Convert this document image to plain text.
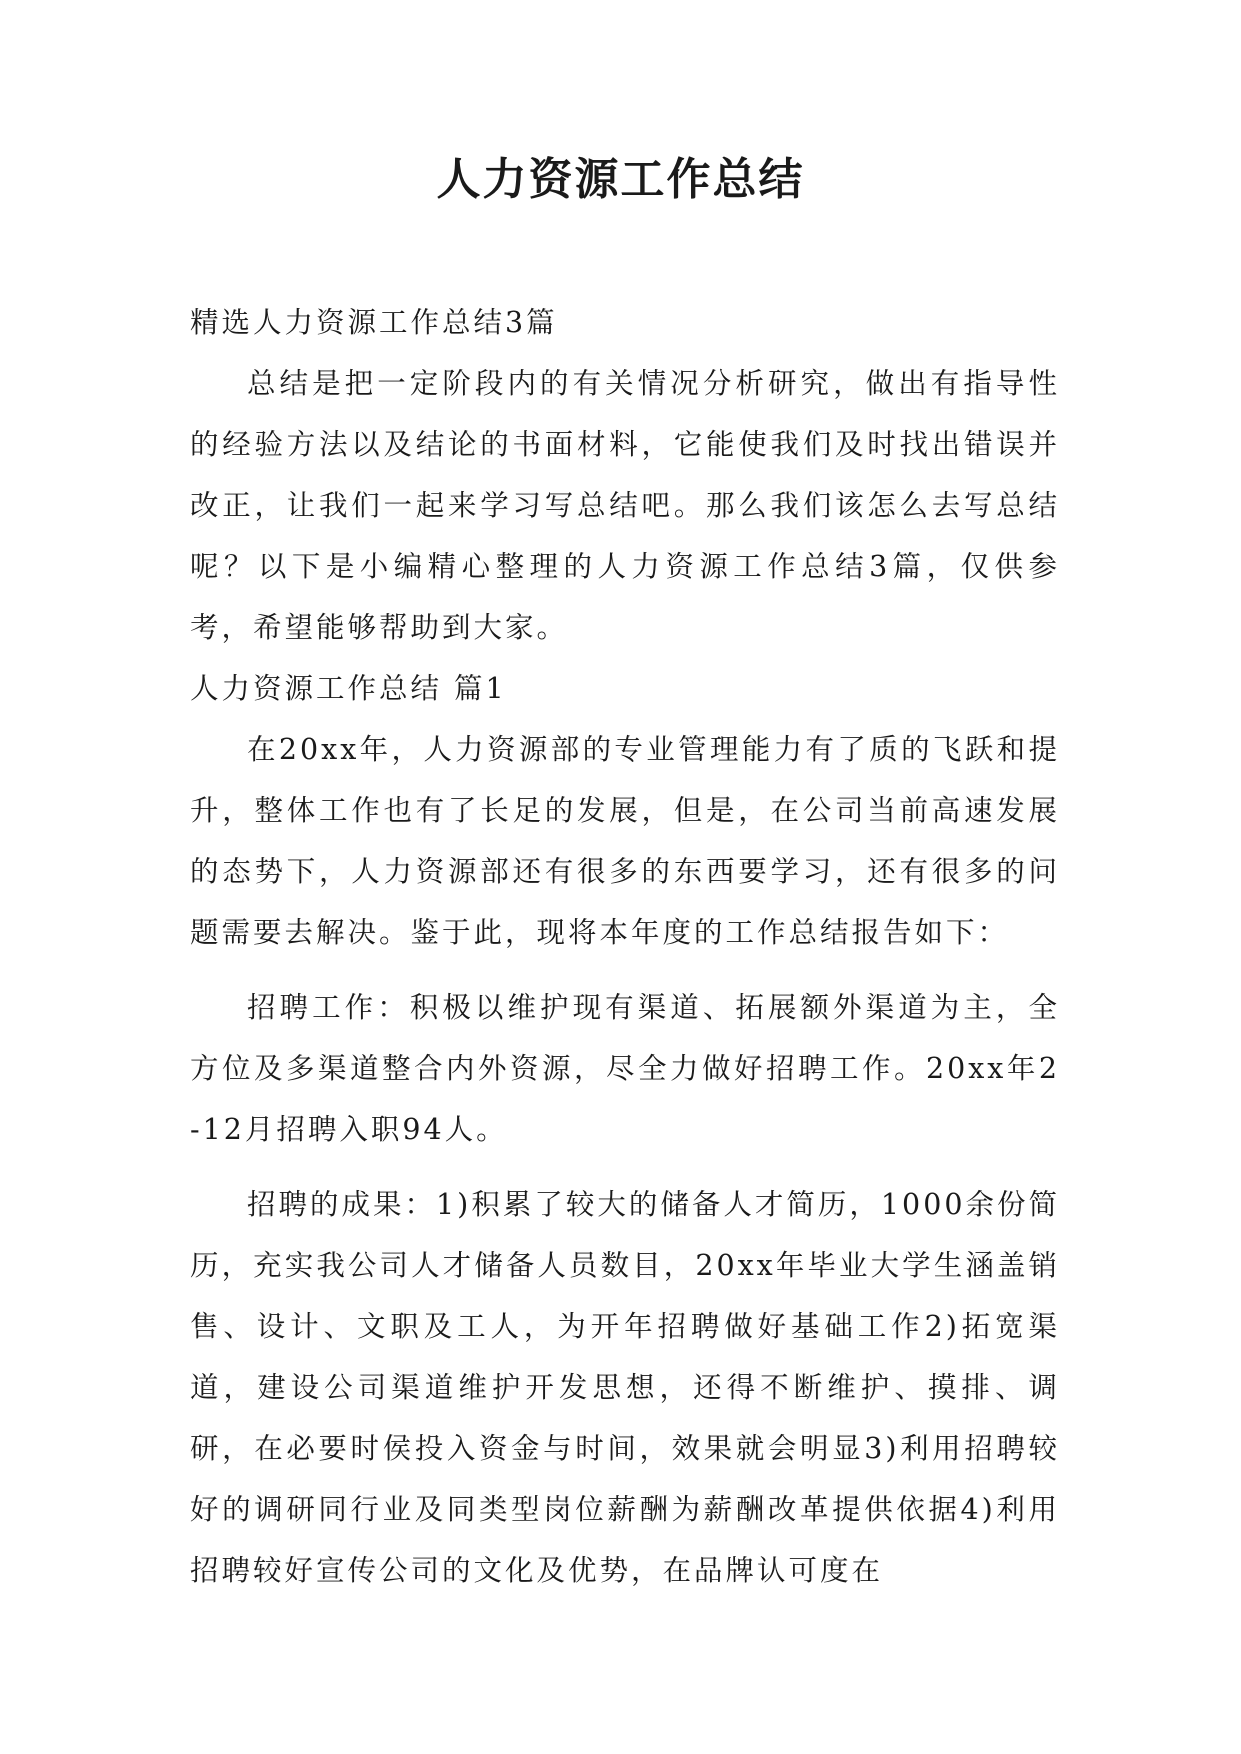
人力资源工作总结

精选人力资源工作总结3篇

总结是把一定阶段内的有关情况分析研究，做出有指导性的经验方法以及结论的书面材料，它能使我们及时找出错误并改正，让我们一起来学习写总结吧。那么我们该怎么去写总结呢？以下是小编精心整理的人力资源工作总结3篇，仅供参考，希望能够帮助到大家。

人力资源工作总结 篇1

在20xx年，人力资源部的专业管理能力有了质的飞跃和提升，整体工作也有了长足的发展，但是，在公司当前高速发展的态势下，人力资源部还有很多的东西要学习，还有很多的问题需要去解决。鉴于此，现将本年度的工作总结报告如下：

招聘工作：积极以维护现有渠道、拓展额外渠道为主，全方位及多渠道整合内外资源，尽全力做好招聘工作。20xx年2-12月招聘入职94人。

招聘的成果：1)积累了较大的储备人才简历，1000余份简历，充实我公司人才储备人员数目，20xx年毕业大学生涵盖销售、设计、文职及工人，为开年招聘做好基础工作2)拓宽渠道，建设公司渠道维护开发思想，还得不断维护、摸排、调研，在必要时侯投入资金与时间，效果就会明显3)利用招聘较好的调研同行业及同类型岗位薪酬为薪酬改革提供依据4)利用招聘较好宣传公司的文化及优势，在品牌认可度在
